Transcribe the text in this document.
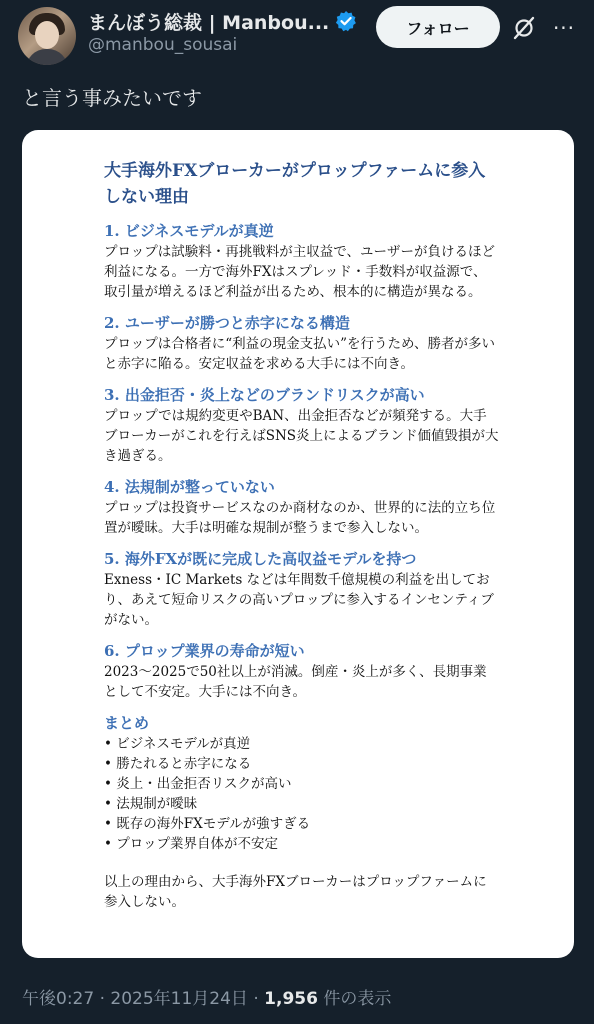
まんぼう総裁 | Manbou...
@manbou_sousai
フォロー	···
と言う事みたいです
大手海外FXブローカーがプロップファームに参入しない理由
1. ビジネスモデルが真逆
プロップは試験料・再挑戦料が主収益で、ユーザーが負けるほど利益になる。一方で海外FXはスプレッド・手数料が収益源で、取引量が増えるほど利益が出るため、根本的に構造が異なる。
2. ユーザーが勝つと赤字になる構造
プロップは合格者に“利益の現金支払い”を行うため、勝者が多いと赤字に陥る。安定収益を求める大手には不向き。
3. 出金拒否・炎上などのブランドリスクが高い
プロップでは規約変更やBAN、出金拒否などが頻発する。大手ブローカーがこれを行えばSNS炎上によるブランド価値毀損が大き過ぎる。
4. 法規制が整っていない
プロップは投資サービスなのか商材なのか、世界的に法的立ち位置が曖昧。大手は明確な規制が整うまで参入しない。
5. 海外FXが既に完成した高収益モデルを持つ
Exness・IC Markets などは年間数千億規模の利益を出しており、あえて短命リスクの高いプロップに参入するインセンティブがない。
6. プロップ業界の寿命が短い
2023〜2025で50社以上が消滅。倒産・炎上が多く、長期事業として不安定。大手には不向き。
まとめ
• ビジネスモデルが真逆
• 勝たれると赤字になる
• 炎上・出金拒否リスクが高い
• 法規制が曖昧
• 既存の海外FXモデルが強すぎる
• プロップ業界自体が不安定
以上の理由から、大手海外FXブローカーはプロップファームに参入しない。
午後0:27 · 2025年11月24日 · 1,956 件の表示
